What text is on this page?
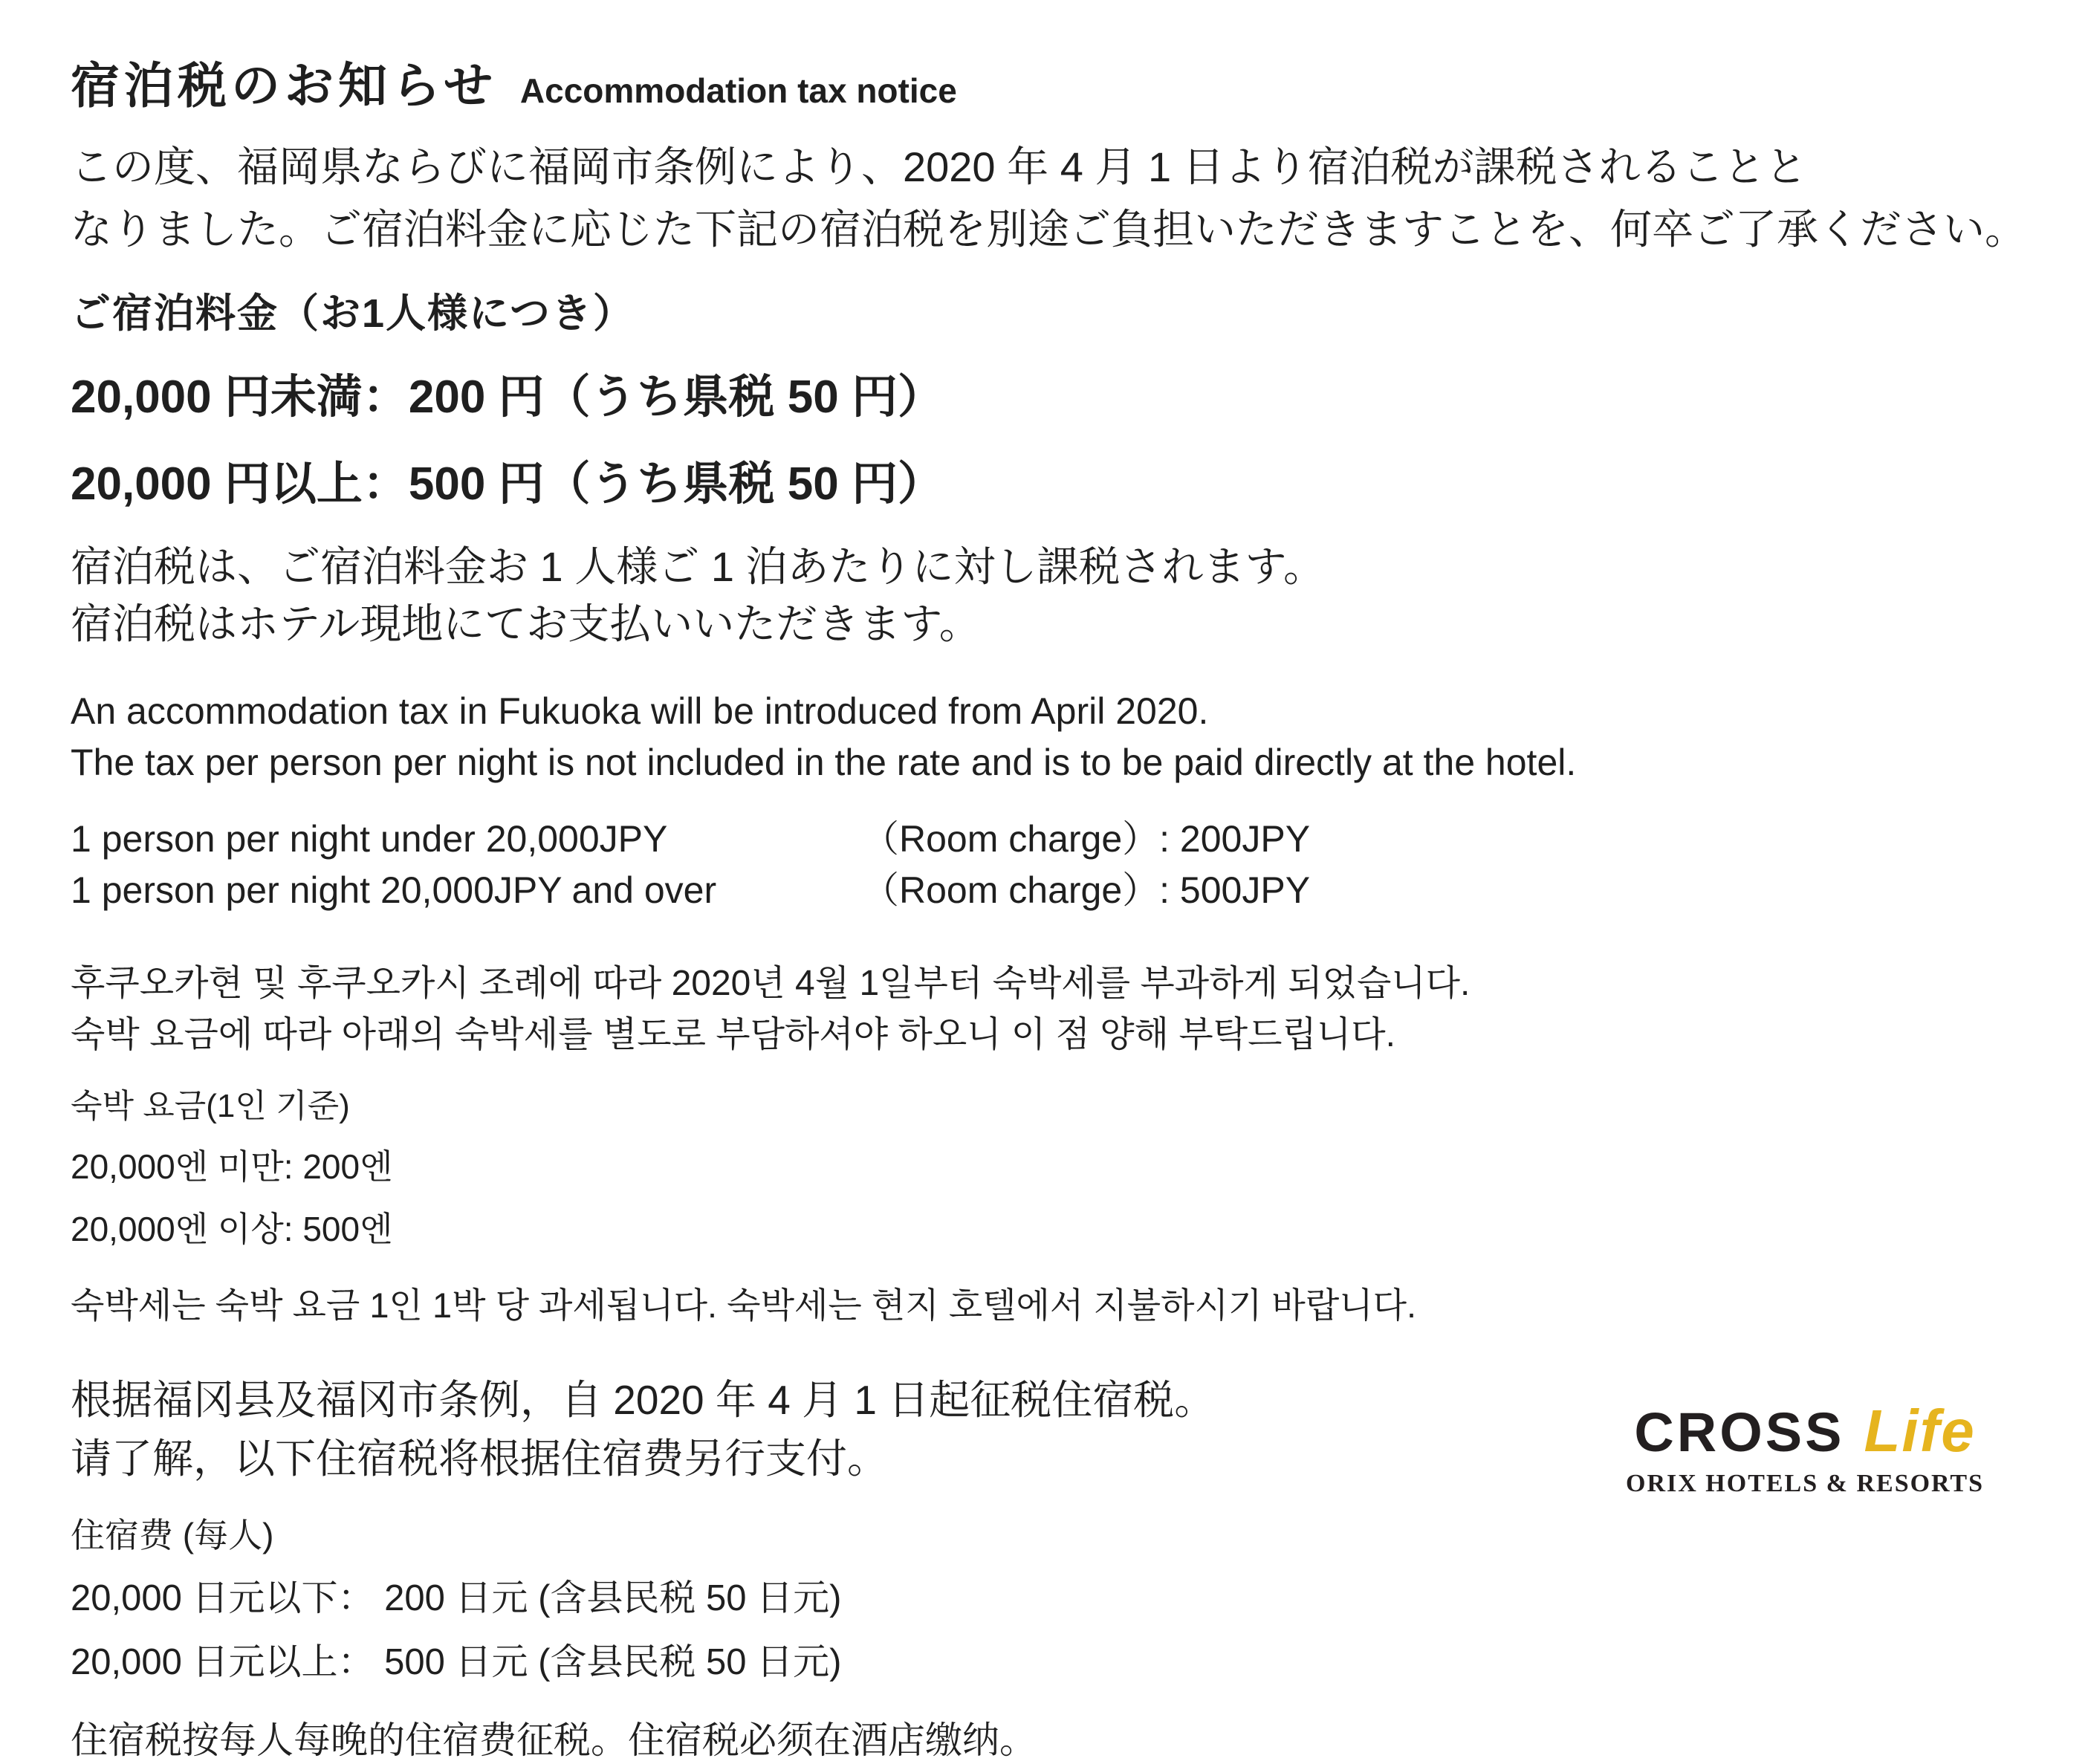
宿泊税のお知らせ Accommodation tax notice

この度、福岡県ならびに福岡市条例により、2020 年 4 月 1 日より宿泊税が課税されることと

なりました。ご宿泊料金に応じた下記の宿泊税を別途ご負担いただきますことを、何卒ご了承ください。

ご宿泊料金（お1人様につき）

20,000 円未満：200 円（うち県税 50 円）

20,000 円以上：500 円（うち県税 50 円）

宿泊税は、ご宿泊料金お 1 人様ご 1 泊あたりに対し課税されます。

宿泊税はホテル現地にてお支払いいただきます。

An accommodation tax in Fukuoka will be introduced from April 2020.

The tax per person per night is not included in the rate and is to be paid directly at the hotel.

1 person per night under 20,000JPY	（Room charge）: 200JPY
1 person per night 20,000JPY and over	（Room charge）: 500JPY

후쿠오카현 및 후쿠오카시 조례에 따라 2020년 4월 1일부터 숙박세를 부과하게 되었습니다.

숙박 요금에 따라 아래의 숙박세를 별도로 부담하셔야 하오니 이 점 양해 부탁드립니다.

숙박 요금(1인 기준)

20,000엔 미만: 200엔

20,000엔 이상: 500엔

숙박세는 숙박 요금 1인 1박 당 과세됩니다. 숙박세는 현지 호텔에서 지불하시기 바랍니다.

根据福冈县及福冈市条例，自 2020 年 4 月 1 日起征税住宿税。

请了解，以下住宿税将根据住宿费另行支付。

住宿费 (每人)

20,000 日元以下： 200 日元 (含县民税 50 日元)

20,000 日元以上： 500 日元 (含县民税 50 日元)

住宿税按每人每晚的住宿费征税。住宿税必须在酒店缴纳。

CROSS Life
ORIX HOTELS & RESORTS
